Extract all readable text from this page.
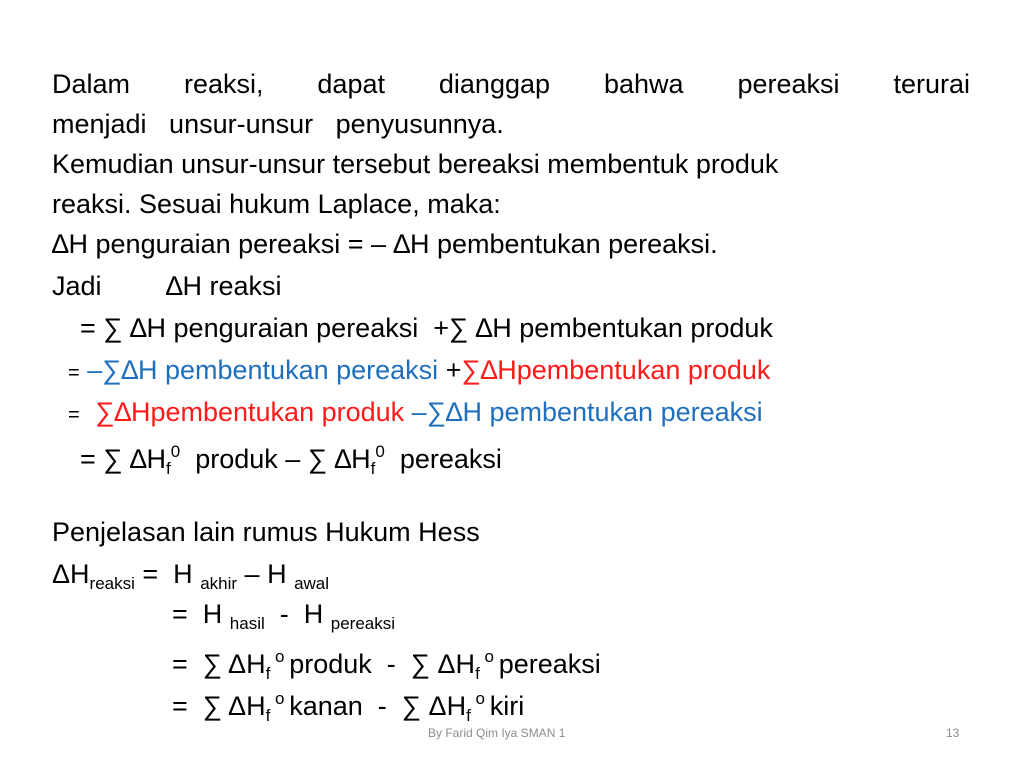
Dalam reaksi, dapat dianggap bahwa pereaksi terurai
menjadi   unsur-unsur   penyusunnya.
Kemudian unsur-unsur tersebut bereaksi membentuk produk
reaksi. Sesuai hukum Laplace, maka:
∆H penguraian pereaksi = – ∆H pembentukan pereaksi.
Jadi ∆H reaksi
= ∑ ∆H penguraian pereaksi  +∑ ∆H pembentukan produk
= –∑∆H pembentukan pereaksi +∑∆Hpembentukan produk
= ∑∆Hpembentukan produk –∑∆H pembentukan pereaksi
= ∑ $\Delta H_f^0$  produk – ∑ $\Delta H_f^0$  pereaksi
Penjelasan lain rumus Hukum Hess
$\Delta H_{reaksi} = H$ $_{akhir}$ – H $_{awal}$
=  H $_{hasil}$  -  H $_{pereaksi}$
=  ∑ $\Delta H_f$ $^o$ produk  -  ∑ $\Delta H_f$ $^o$ pereaksi
=  ∑ $\Delta H_f$ $^o$ kanan  -  ∑ $\Delta H_f$ $^o$ kiri
By Farid Qim Iya SMAN 1	13
